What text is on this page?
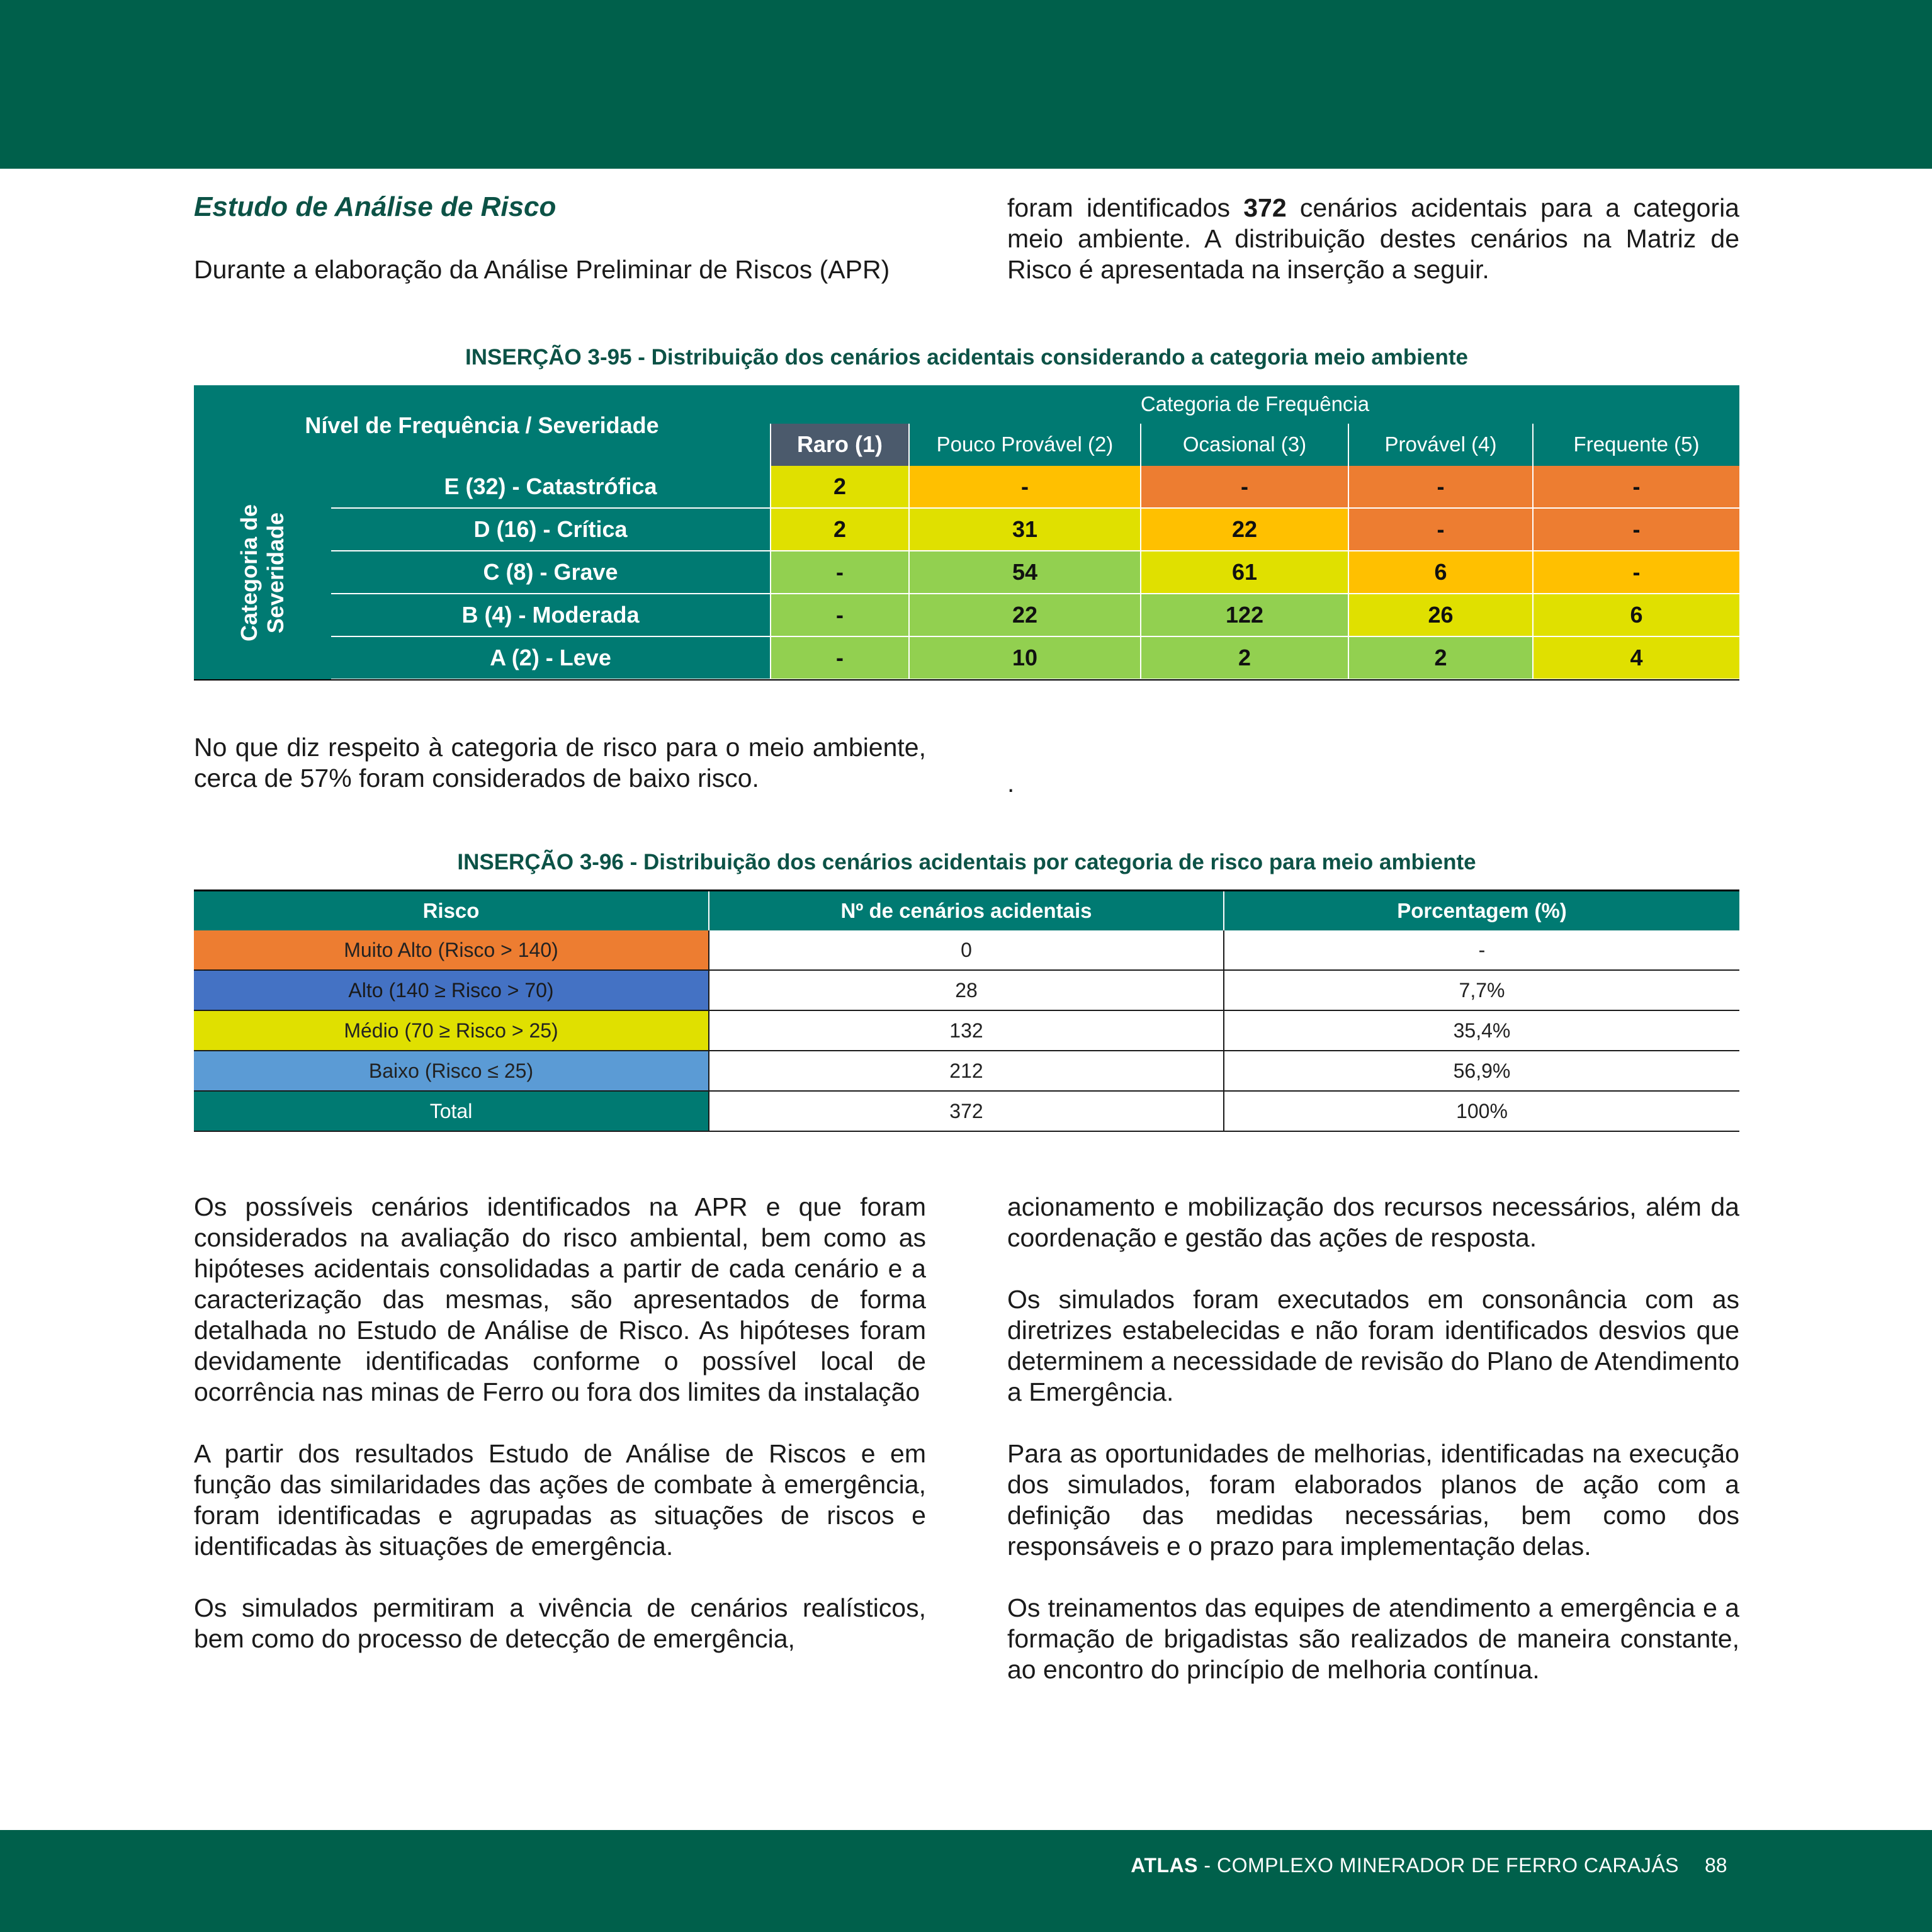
Estudo de Análise de Risco

Durante a elaboração da Análise Preliminar de Riscos (APR)

foram identificados 372 cenários acidentais para a categoria meio ambiente. A distribuição destes cenários na Matriz de Risco é apresentada na inserção a seguir.

INSERÇÃO 3-95 - Distribuição dos cenários acidentais considerando a categoria meio ambiente
Nível de Frequência / Severidade		Categoria de Frequência				
		Raro (1)	Pouco Provável (2)	Ocasional (3)	Provável (4)	Frequente (5)
Categoria de
Severidade	E (32) - Catastrófica	2	-	-	-	-
	D (16) - Crítica	2	31	22	-	-
	C (8) - Grave	-	54	61	6	-
	B (4) - Moderada	-	22	122	26	6
	A (2) - Leve	-	10	2	2	4

No que diz respeito à categoria de risco para o meio ambiente, cerca de 57% foram considerados de baixo risco.	.

INSERÇÃO 3-96 - Distribuição dos cenários acidentais por categoria de risco para meio ambiente
Risco	Nº de cenários acidentais	Porcentagem (%)
Muito Alto (Risco > 140)	0	-
Alto (140 ≥ Risco > 70)	28	7,7%
Médio (70 ≥ Risco > 25)	132	35,4%
Baixo (Risco ≤ 25)	212	56,9%
Total	372	100%

Os possíveis cenários identificados na APR e que foram considerados na avaliação do risco ambiental, bem como as hipóteses acidentais consolidadas a partir de cada cenário e a caracterização das mesmas, são apresentados de forma detalhada no Estudo de Análise de Risco. As hipóteses foram devidamente identificadas conforme o possível local de ocorrência nas minas de Ferro ou fora dos limites da instalação

A partir dos resultados Estudo de Análise de Riscos e em função das similaridades das ações de combate à emergência, foram identificadas e agrupadas as situações de riscos e identificadas às situações de emergência.

Os simulados permitiram a vivência de cenários realísticos, bem como do processo de detecção de emergência,

acionamento e mobilização dos recursos necessários, além da coordenação e gestão das ações de resposta.

Os simulados foram executados em consonância com as diretrizes estabelecidas e não foram identificados desvios que determinem a necessidade de revisão do Plano de Atendimento a Emergência.

Para as oportunidades de melhorias, identificadas na execução dos simulados, foram elaborados planos de ação com a definição das medidas necessárias, bem como dos responsáveis e o prazo para implementação delas.

Os treinamentos das equipes de atendimento a emergência e a formação de brigadistas são realizados de maneira constante, ao encontro do princípio de melhoria contínua.

ATLAS - COMPLEXO MINERADOR DE FERRO CARAJÁS 88
